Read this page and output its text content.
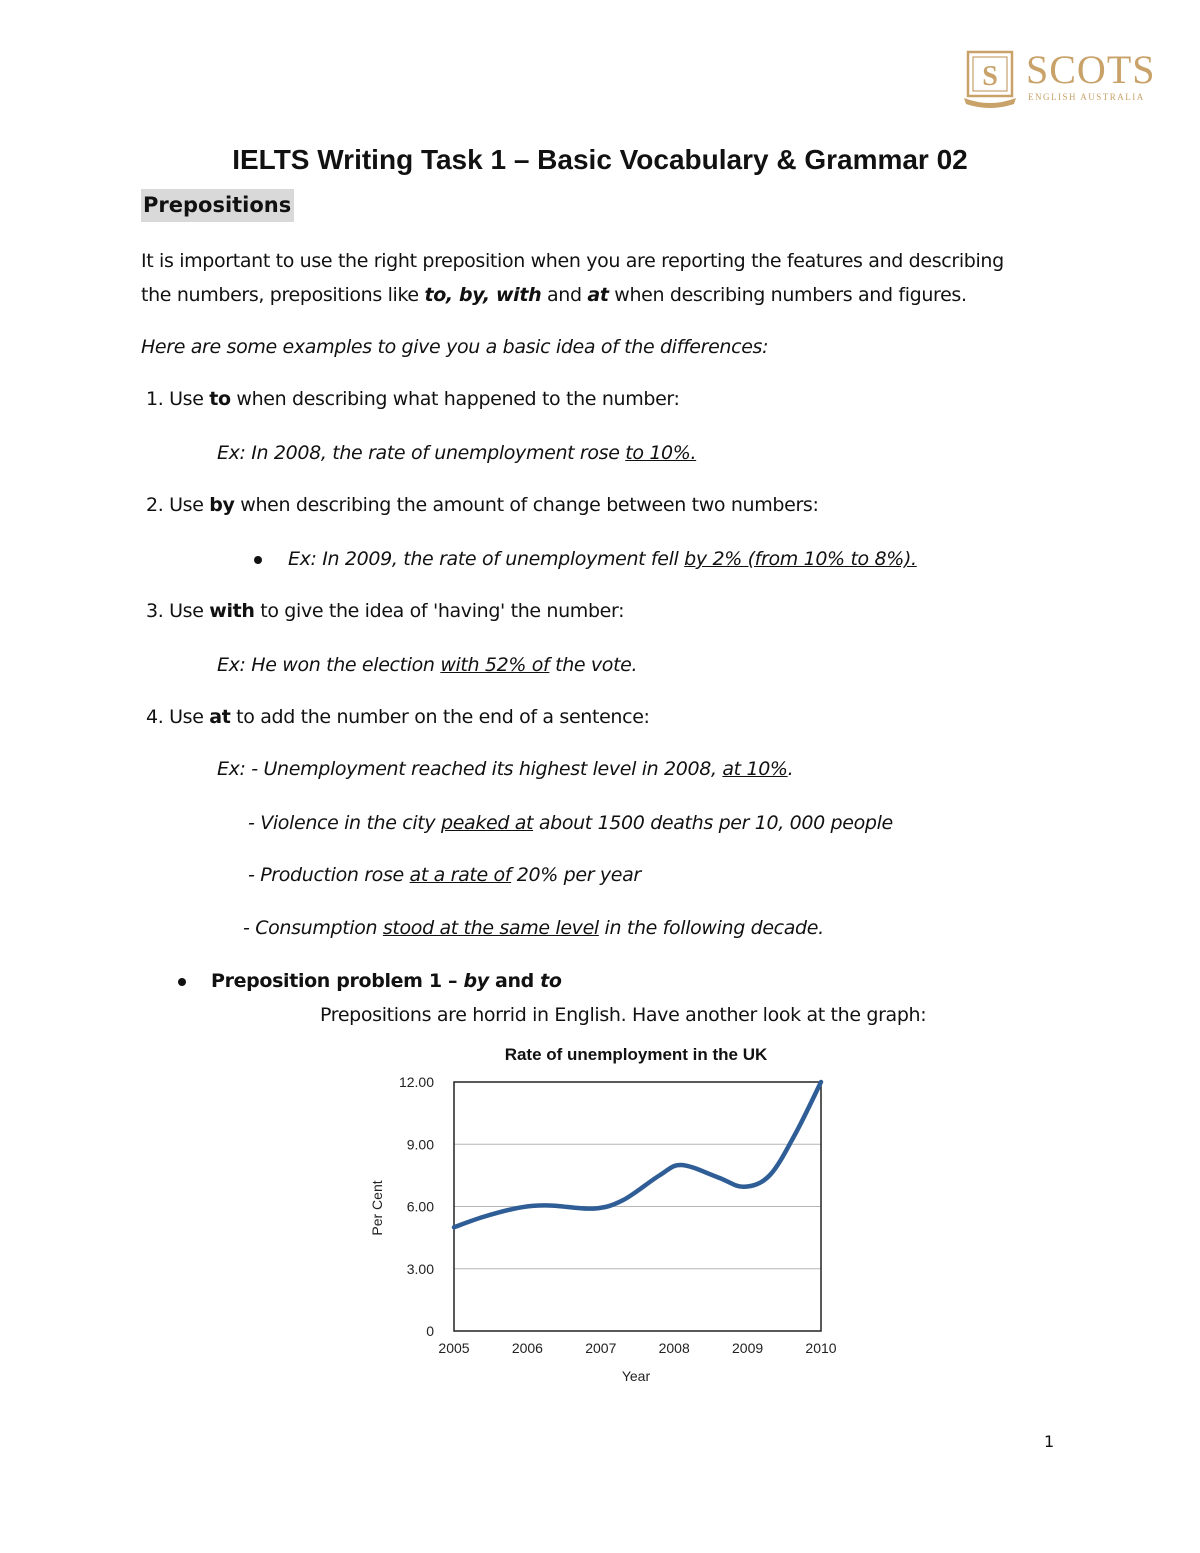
S SCOTS
ENGLISH AUSTRALIA
IELTS Writing Task 1 – Basic Vocabulary & Grammar 02
Prepositions
It is important to use the right preposition when you are reporting the features and describing
the numbers, prepositions like to, by, with and at when describing numbers and figures.
Here are some examples to give you a basic idea of the differences:
1. Use to when describing what happened to the number:
Ex: In 2008, the rate of unemployment rose to 10%.
2. Use by when describing the amount of change between two numbers:
Ex: In 2009, the rate of unemployment fell by 2% (from 10% to 8%).
3. Use with to give the idea of 'having' the number:
Ex: He won the election with 52% of the vote.
4. Use at to add the number on the end of a sentence:
Ex: - Unemployment reached its highest level in 2008, at 10%.
- Violence in the city peaked at about 1500 deaths per 10, 000 people
- Production rose at a rate of 20% per year
- Consumption stood at the same level in the following decade.
Preposition problem 1 – by and to
Prepositions are horrid in English. Have another look at the graph:
Rate of unemployment in the UK
0
3.00
6.00
9.00
12.00
2005	2006	2007	2008	2009	2010
Year
Per Cent
1
